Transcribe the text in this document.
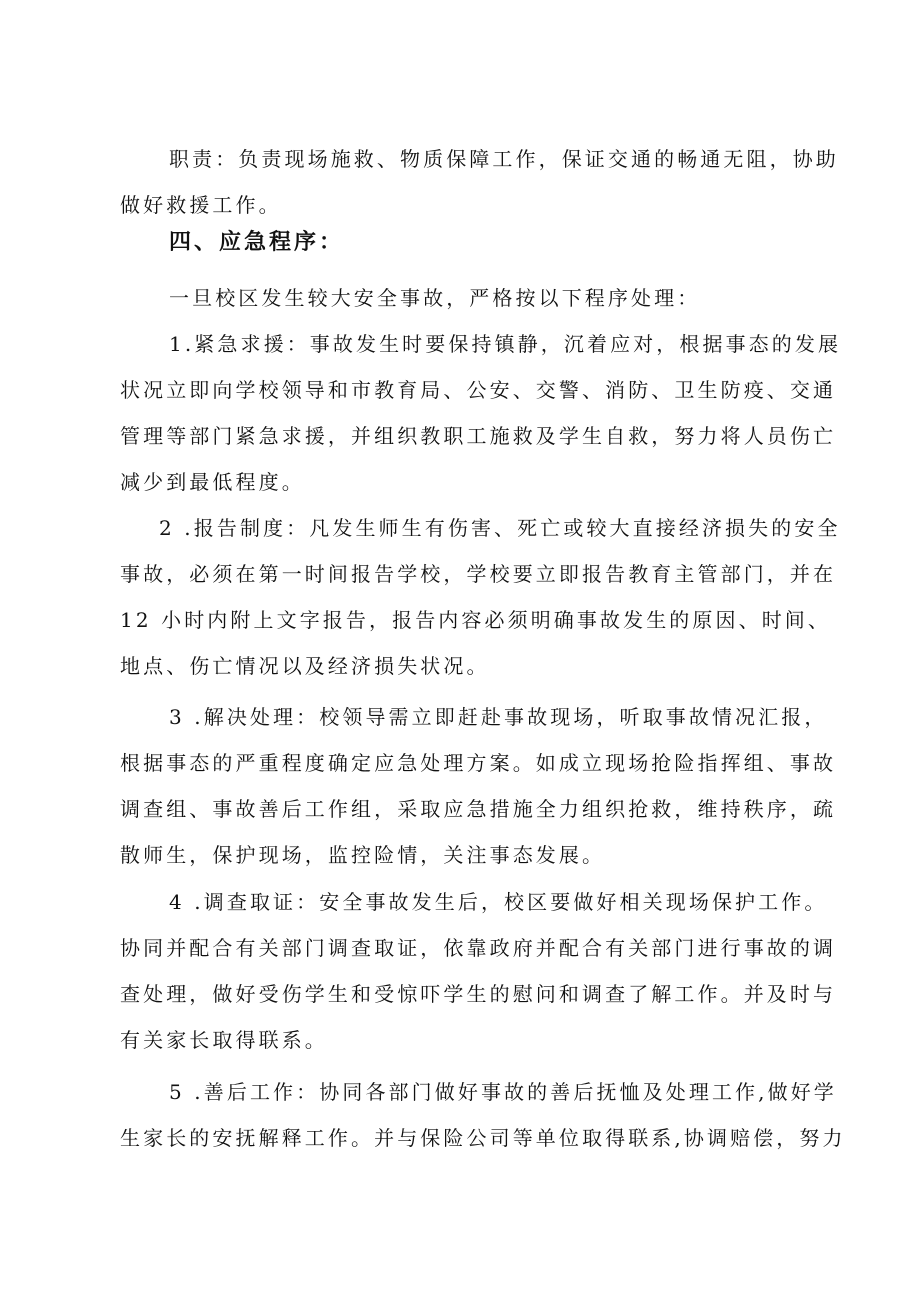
职责：负责现场施救、物质保障工作，保证交通的畅通无阻，协助
做好救援工作。
四、应急程序：
一旦校区发生较大安全事故，严格按以下程序处理：
1.紧急求援：事故发生时要保持镇静，沉着应对，根据事态的发展
状况立即向学校领导和市教育局、公安、交警、消防、卫生防疫、交通
管理等部门紧急求援，并组织教职工施救及学生自救，努力将人员伤亡
减少到最低程度。
2 .报告制度：凡发生师生有伤害、死亡或较大直接经济损失的安全
事故，必须在第一时间报告学校，学校要立即报告教育主管部门，并在
12 小时内附上文字报告，报告内容必须明确事故发生的原因、时间、
地点、伤亡情况以及经济损失状况。
3 .解决处理：校领导需立即赶赴事故现场，听取事故情况汇报，
根据事态的严重程度确定应急处理方案。如成立现场抢险指挥组、事故
调查组、事故善后工作组，采取应急措施全力组织抢救，维持秩序，疏
散师生，保护现场，监控险情，关注事态发展。
4 .调查取证：安全事故发生后，校区要做好相关现场保护工作。
协同并配合有关部门调查取证，依靠政府并配合有关部门进行事故的调
查处理，做好受伤学生和受惊吓学生的慰问和调查了解工作。并及时与
有关家长取得联系。
5 .善后工作：协同各部门做好事故的善后抚恤及处理工作,做好学
生家长的安抚解释工作。并与保险公司等单位取得联系,协调赔偿，努力
